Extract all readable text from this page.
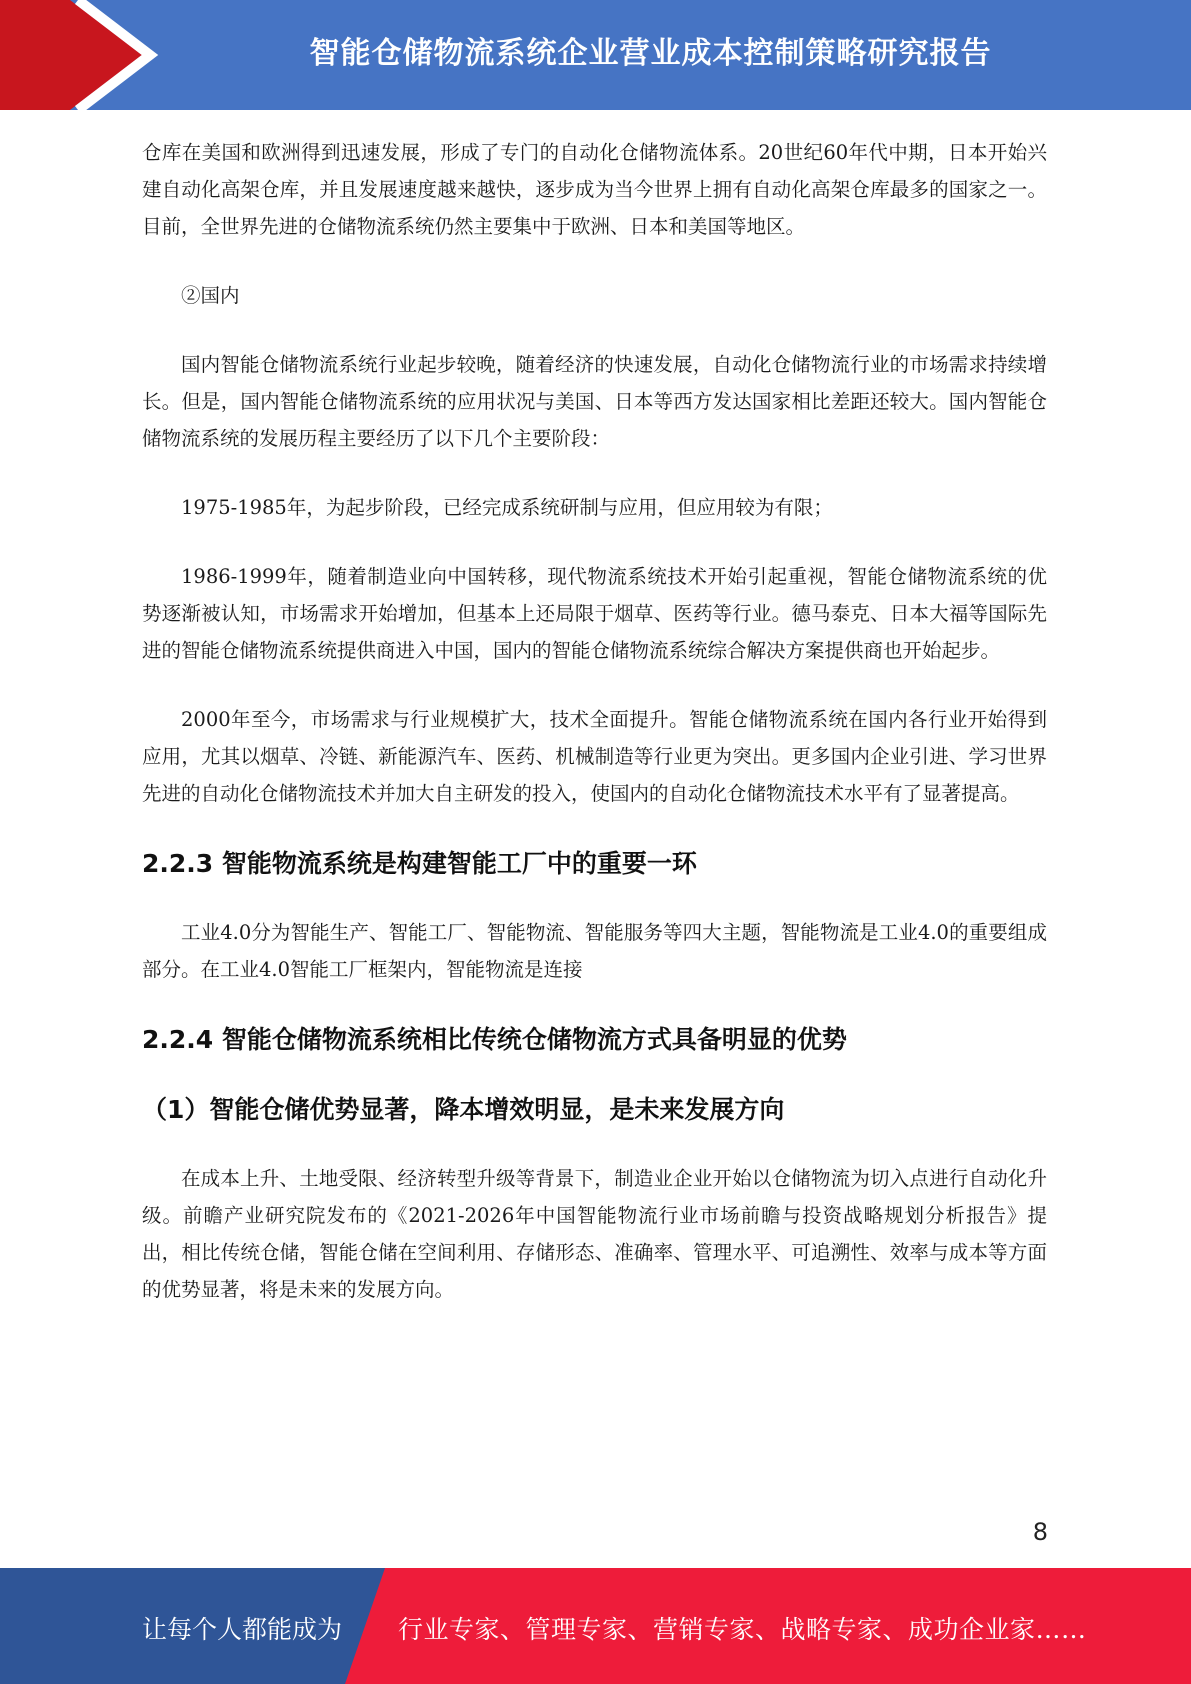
智能仓储物流系统企业营业成本控制策略研究报告

仓库在美国和欧洲得到迅速发展，形成了专门的自动化仓储物流体系。20世纪60年代中期，日本开始兴建自动化高架仓库，并且发展速度越来越快，逐步成为当今世界上拥有自动化高架仓库最多的国家之一。目前，全世界先进的仓储物流系统仍然主要集中于欧洲、日本和美国等地区。

②国内

国内智能仓储物流系统行业起步较晚，随着经济的快速发展，自动化仓储物流行业的市场需求持续增长。但是，国内智能仓储物流系统的应用状况与美国、日本等西方发达国家相比差距还较大。国内智能仓储物流系统的发展历程主要经历了以下几个主要阶段：

1975-1985年，为起步阶段，已经完成系统研制与应用，但应用较为有限；

1986-1999年，随着制造业向中国转移，现代物流系统技术开始引起重视，智能仓储物流系统的优势逐渐被认知，市场需求开始增加，但基本上还局限于烟草、医药等行业。德马泰克、日本大福等国际先进的智能仓储物流系统提供商进入中国，国内的智能仓储物流系统综合解决方案提供商也开始起步。

2000年至今，市场需求与行业规模扩大，技术全面提升。智能仓储物流系统在国内各行业开始得到应用，尤其以烟草、冷链、新能源汽车、医药、机械制造等行业更为突出。更多国内企业引进、学习世界先进的自动化仓储物流技术并加大自主研发的投入，使国内的自动化仓储物流技术水平有了显著提高。

2.2.3 智能物流系统是构建智能工厂中的重要一环

工业4.0分为智能生产、智能工厂、智能物流、智能服务等四大主题，智能物流是工业4.0的重要组成部分。在工业4.0智能工厂框架内，智能物流是连接

2.2.4 智能仓储物流系统相比传统仓储物流方式具备明显的优势
（1）智能仓储优势显著，降本增效明显，是未来发展方向

在成本上升、土地受限、经济转型升级等背景下，制造业企业开始以仓储物流为切入点进行自动化升级。前瞻产业研究院发布的《2021-2026年中国智能物流行业市场前瞻与投资战略规划分析报告》提出，相比传统仓储，智能仓储在空间利用、存储形态、准确率、管理水平、可追溯性、效率与成本等方面的优势显著，将是未来的发展方向。

8
让每个人都能成为 行业专家、管理专家、营销专家、战略专家、成功企业家……
